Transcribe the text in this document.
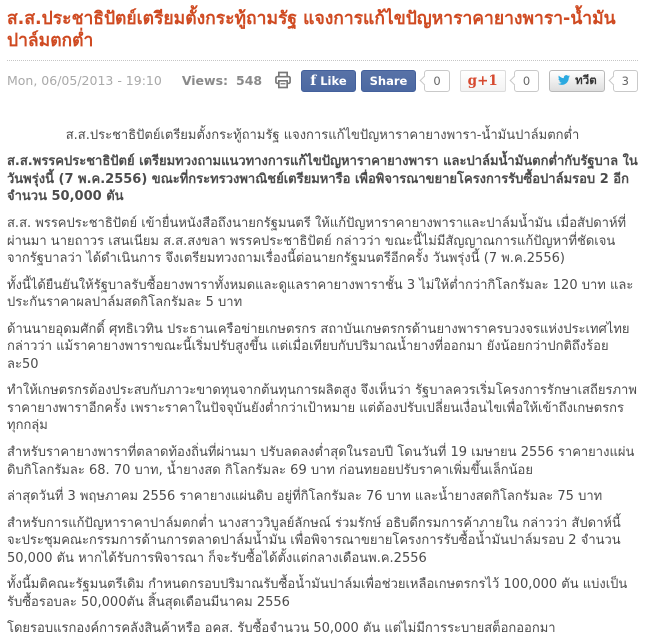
ส.ส.ประชาธิปัตย์เตรียมตั้งกระทู้ถามรัฐ แจงการแก้ไขปัญหาราคายางพารา-น้ำมันปาล์มตกต่ำ
Mon, 06/05/2013 - 19:10 Views: 548	f Like Share 0 g+1 0	ทวีต 3

ส.ส.ประชาธิปัตย์เตรียมตั้งกระทู้ถามรัฐ แจงการแก้ไขปัญหาราคายางพารา-น้ำมันปาล์มตกต่ำ

ส.ส.พรรคประชาธิปัตย์ เตรียมทวงถามแนวทางการแก้ไขปัญหาราคายางพารา และปาล์มน้ำมันตกต่ำกับรัฐบาล ในวันพรุ่งนี้ (7 พ.ค.2556) ขณะที่กระทรวงพาณิชย์เตรียมหารือ เพื่อพิจารณาขยายโครงการรับซื้อปาล์มรอบ 2 อีกจำนวน 50,000 ตัน

ส.ส. พรรคประชาธิปัตย์ เข้ายื่นหนังสือถึงนายกรัฐมนตรี ให้แก้ปัญหาราคายางพาราและปาล์มน้ำมัน เมื่อสัปดาห์ที่ผ่านมา นายถาวร เสนเนียม ส.ส.สงขลา พรรคประชาธิปัตย์ กล่าวว่า ขณะนี้ไม่มีสัญญาณการแก้ปัญหาที่ชัดเจนจากรัฐบาลว่า ได้ดำเนินการ จึงเตรียมทวงถามเรื่องนี้ต่อนายกรัฐมนตรีอีกครั้ง วันพรุ่งนี้ (7 พ.ค.2556)

ทั้งนี้ได้ยืนยันให้รัฐบาลรับซื้อยางพาราทั้งหมดและดูแลราคายางพาราชั้น 3 ไม่ให้ต่ำกว่ากิโลกรัมละ 120 บาท และประกันราคาผลปาล์มสดกิโลกรัมละ 5 บาท

ด้านนายอุดมศักดิ์ ศุทธิเวทิน ประธานเครือข่ายเกษตรกร สถาบันเกษตรกรด้านยางพาราครบวงจรแห่งประเทศไทย กล่าวว่า แม้ราคายางพาราขณะนี้เริ่มปรับสูงขึ้น แต่เมื่อเทียบกับปริมาณน้ำยางที่ออกมา ยังน้อยกว่าปกติถึงร้อยละ50

ทำให้เกษตรกรต้องประสบกับภาวะขาดทุนจากต้นทุนการผลิตสูง จึงเห็นว่า รัฐบาลควรเริ่มโครงการรักษาเสถียรภาพราคายางพาราอีกครั้ง เพราะราคาในปัจจุบันยังต่ำกว่าเป้าหมาย แต่ต้องปรับเปลี่ยนเงื่อนไขเพื่อให้เข้าถึงเกษตรกรทุกกลุ่ม

สำหรับราคายางพาราที่ตลาดท้องถิ่นที่ผ่านมา ปรับลดลงต่ำสุดในรอบปี โดนวันที่ 19 เมษายน 2556 ราคายางแผ่นดิบกิโลกรัมละ 68. 70 บาท, น้ำยางสด กิโลกรัมละ 69 บาท ก่อนทยอยปรับราคาเพิ่มขึ้นเล็กน้อย

ล่าสุดวันที่ 3 พฤษภาคม 2556 ราคายางแผ่นดิบ อยู่ที่กิโลกรัมละ 76 บาท และน้ำยางสดกิโลกรัมละ 75 บาท

สำหรับการแก้ปัญหาราคาปาล์มตกต่ำ นางสาววิบูลย์ลักษณ์ ร่วมรักษ์ อธิบดีกรมการค้าภายใน กล่าวว่า สัปดาห์นี้ จะประชุมคณะกรรมการด้านการตลาดปาล์มน้ำมัน เพื่อพิจารณาขยายโครงการรับซื้อน้ำมันปาล์มรอบ 2 จำนวน 50,000 ตัน หากได้รับการพิจารณา ก็จะรับซื้อได้ตั้งแต่กลางเดือนพ.ค.2556

ทั้งนี้มติคณะรัฐมนตรีเดิม กำหนดกรอบปริมาณรับซื้อน้ำมันปาล์มเพื่อช่วยเหลือเกษตรกรไว้ 100,000 ตัน แบ่งเป็นรับซื้อรอบละ 50,000ตัน สิ้นสุดเดือนมีนาคม 2556

โดยรอบแรกองค์การคลังสินค้าหรือ อคส. รับซื้อจำนวน 50,000 ตัน แต่ไม่มีการระบายสต็อกออกมา
